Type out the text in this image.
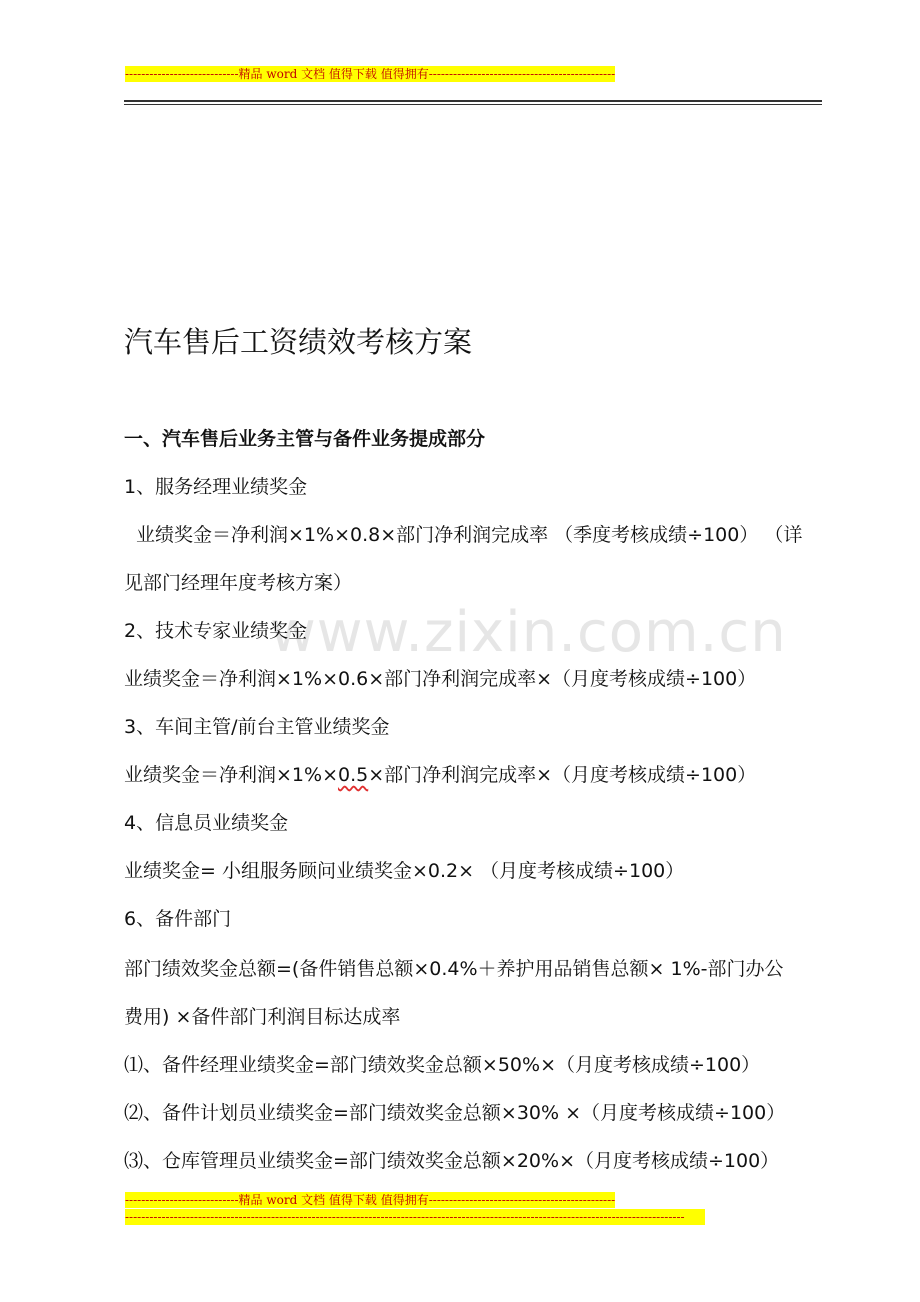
----------------------------精品 word 文档 值得下载 值得拥有----------------------------------------------
www.zixin.com.cn
汽车售后工资绩效考核方案
一、汽车售后业务主管与备件业务提成部分
1、服务经理业绩奖金
业绩奖金＝净利润×1%×0.8×部门净利润完成率 （季度考核成绩÷100） （详
见部门经理年度考核方案）
2、技术专家业绩奖金
业绩奖金＝净利润×1%×0.6×部门净利润完成率×（月度考核成绩÷100）
3、车间主管/前台主管业绩奖金
业绩奖金＝净利润×1%×0.5×部门净利润完成率×（月度考核成绩÷100）
4、信息员业绩奖金
业绩奖金= 小组服务顾问业绩奖金×0.2× （月度考核成绩÷100）
6、备件部门
部门绩效奖金总额=(备件销售总额×0.4%＋养护用品销售总额× 1%-部门办公
费用) ×备件部门利润目标达成率
⑴、备件经理业绩奖金=部门绩效奖金总额×50%×（月度考核成绩÷100）
⑵、备件计划员业绩奖金=部门绩效奖金总额×30% ×（月度考核成绩÷100）
⑶、仓库管理员业绩奖金=部门绩效奖金总额×20%×（月度考核成绩÷100）
----------------------------精品 word 文档 值得下载 值得拥有----------------------------------------------
------------------------------------------------------------------------------------------------------------------------------------------
